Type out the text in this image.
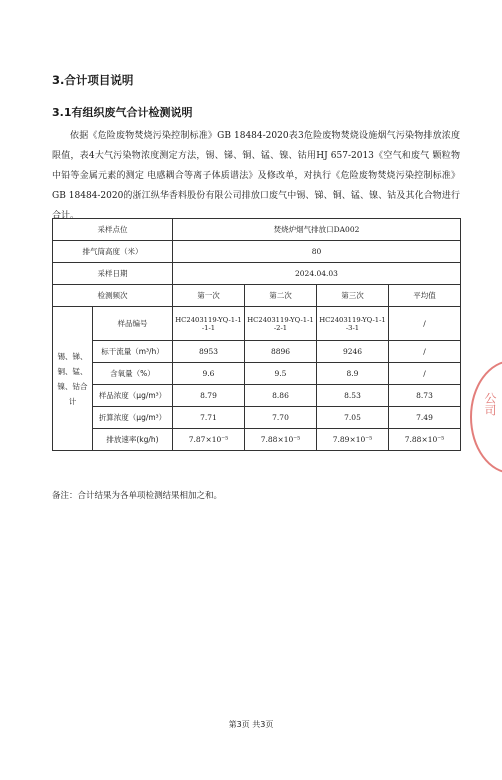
3.合计项目说明
3.1有组织废气合计检测说明

依据《危险废物焚烧污染控制标准》GB 18484-2020表3危险废物焚烧设施烟气污染物排放浓度限值，表4大气污染物浓度测定方法，锡、锑、铜、锰、镍、钴用HJ 657-2013《空气和废气 颗粒物中铅等金属元素的测定 电感耦合等离子体质谱法》及修改单，对执行《危险废物焚烧污染控制标准》GB 18484-2020的浙江纵华香料股份有限公司排放口废气中锡、锑、铜、锰、镍、钴及其化合物进行合计。

采样点位		焚烧炉烟气排放口DA002			
排气筒高度（米）		80			
采样日期		2024.04.03			
检测频次		第一次	第二次	第三次	平均值
锡、锑、铜、锰、镍、钴合计	样品编号	HC2403119-YQ-1-1-1-1	HC2403119-YQ-1-1-2-1	HC2403119-YQ-1-1-3-1	/
	标干流量（m³/h）	8953	8896	9246	/
	含氧量（%）	9.6	9.5	8.9	/
	样品浓度（μg/m³）	8.79	8.86	8.53	8.73
	折算浓度（μg/m³）	7.71	7.70	7.05	7.49
	排放速率(kg/h)	7.87×10⁻⁵	7.88×10⁻⁵	7.89×10⁻⁵	7.88×10⁻⁵
备注：合计结果为各单项检测结果相加之和。
公司
第3页 共3页
